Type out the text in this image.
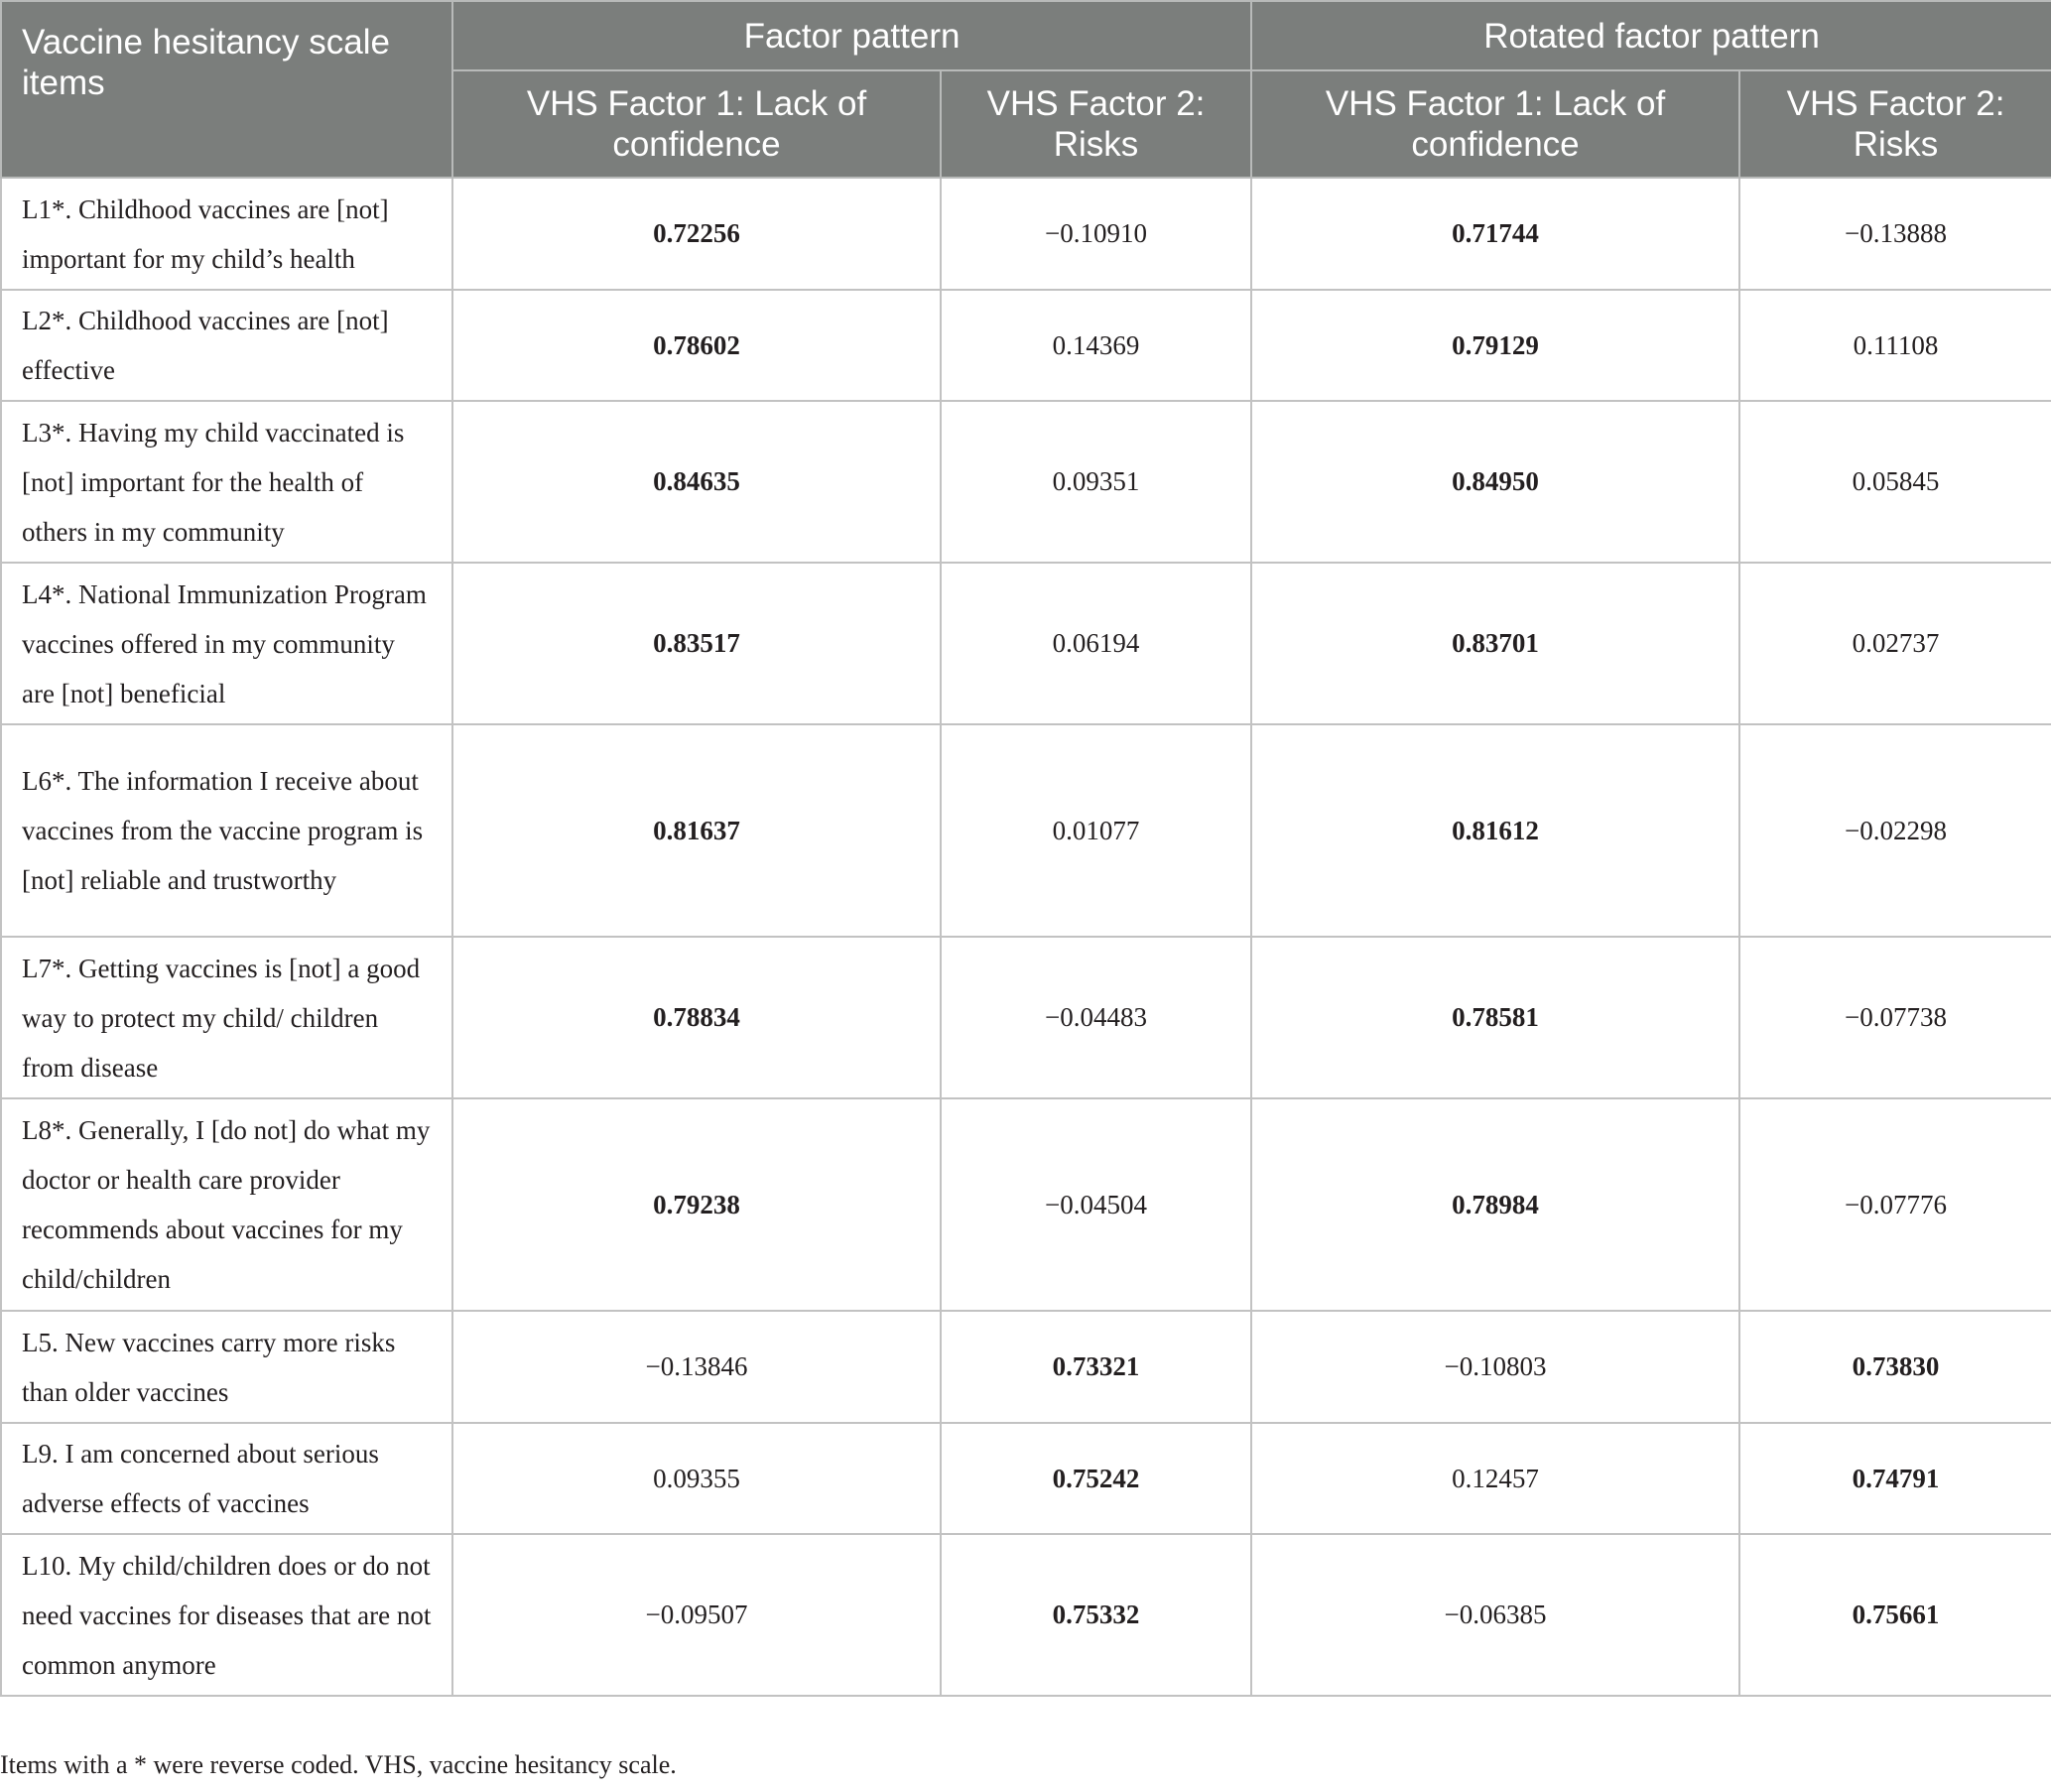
Vaccine hesitancy scale items	Factor pattern		Rotated factor pattern	
	VHS Factor 1: Lack of confidence	VHS Factor 2: Risks	VHS Factor 1: Lack of confidence	VHS Factor 2: Risks
L1*. Childhood vaccines are [not] important for my child’s health	0.72256	−0.10910	0.71744	−0.13888
L2*. Childhood vaccines are [not] effective	0.78602	0.14369	0.79129	0.11108
L3*. Having my child vaccinated is [not] important for the health of others in my community	0.84635	0.09351	0.84950	0.05845
L4*. National Immunization Program vaccines offered in my community are [not] beneficial	0.83517	0.06194	0.83701	0.02737
L6*. The information I receive about vaccines from the vaccine program is [not] reliable and trustworthy	0.81637	0.01077	0.81612	−0.02298
L7*. Getting vaccines is [not] a good way to protect my child/ children from disease	0.78834	−0.04483	0.78581	−0.07738
L8*. Generally, I [do not] do what my doctor or health care provider recommends about vaccines for my child/children	0.79238	−0.04504	0.78984	−0.07776
L5. New vaccines carry more risks than older vaccines	−0.13846	0.73321	−0.10803	0.73830
L9. I am concerned about serious adverse effects of vaccines	0.09355	0.75242	0.12457	0.74791
L10. My child/children does or do not need vaccines for diseases that are not common anymore	−0.09507	0.75332	−0.06385	0.75661
Items with a * were reverse coded. VHS, vaccine hesitancy scale.
